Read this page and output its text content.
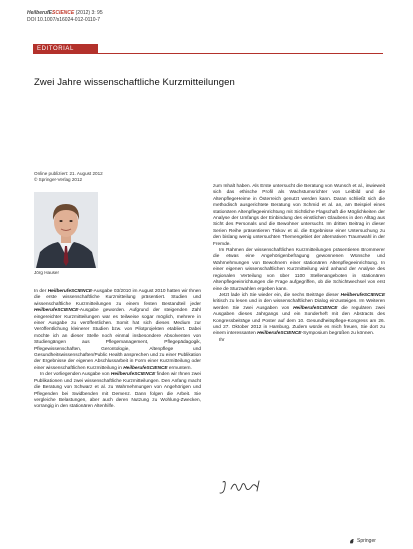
HeilberufESCIENCE (2012) 3: 95
DOI 10.1007/s16024-012-0110-7
EDITORIAL
Zwei Jahre wissenschaftliche Kurzmitteilungen
Online publiziert: 21. August 2012
© Springer-Verlag 2012
Jörg Hauser

In der HeilberufeSCIENCE-Ausgabe 03/2010 im August 2010 hatten wir Ihnen die erste wissenschaftliche Kurzmitteilung präsentiert. Studien und wissenschaftliche Kurzmitteilungen zu einem festen Bestandteil jeder HeilberufeSCIENCE-Ausgabe geworden. Aufgrund der steigenden Zahl eingereichter Kurzmitteilungen war es teilweise sogar möglich, mehrere in einer Ausgabe zu veröffentlichen. Somit hat sich dieses Medium zur Veröffentlichung kleinerer Studien bzw. von Pilotprojekten etabliert. Dabei möchte ich an dieser Stelle noch einmal insbesondere Absolventen von Studiengängen aus Pflegemanagement, Pflegepädagogik, Pflegewissenschaften, Gerontologie, Altenpflege und Gesundheitswissenschaften/Public Health ansprechen und zu einer Publikation der Ergebnisse der eigenen Abschlussarbeit in Form einer Kurzmitteilung oder einer wissenschaftlichen Kurzmitteilung in HeilberufeSCIENCE ermuntern.

In der vorliegenden Ausgabe von HeilberufeSCIENCE finden wir Ihnen zwei Publikationen und zwei wissenschaftliche Kurzmitteilungen. Den Anfang macht die Beratung von Schwarz et al. zu Wahrnehmungen von Angehörigen und Pflegenden bei Swidbenden mit Demenz. Dann folgen die Arbeit. Sie vergleiche Belastungen, aber auch deren Nutzung zu Wohlung-Zwecken, vorrangig in den stationären Altenhilfe.

zum Inhalt haben. Als Erste untersucht die Beratung von Wunsch et al., inwieweit sich das ethische Profil als Wachstumsrichter von Leitbild und die AltenpflegeHeime in Österreich genutzt werden kann. Daran schließt sich die methodisch ausgerichtete Beratung von Schmid et al. an, am Beispiel eines stationären Altenpflegeeinrichtung mit Sichtliche Flagschaft die Möglichkeiten der Analyse der Umfangs der Einbindung des einstlichen Glaubens in den Alltag aus Sicht des Personals und die Bewohner untersucht. Im dritten Beitrag in dieser Serien Reihe präsentieren Tiskov et al. die Ergebnisse einer Untersuchung zu den bislang wenig untersuchten Themengebiet der alternativen Traumwahl in der Fremde.

Im Rahmen der wissenschaftlichen Kurzmitteilungen präsentieren Brommerer die etwas eine Angehörigenbefragung gewonnenen Wünsche und Wahrnehmungen von Bewohnern einer stationären Altenpflegeeinrichtung. In einer eigenen wissenschaftlichen Kurzmitteilung wird anhand der Analyse des regionalen Verteilung von über 1100 Stellenangeboten in stationären Altenpflegeeinrichtungen die Frage aufgegriffen, ob die Schichtwechsel von erst eine de Sturzwahlen ergeben kann.

Jetzt lade ich Sie wieder ein, die sechs Beiträge dieser HeilberufeSCIENCE kritisch zu lesen und in den wissenschaftlichen Dialog einzusteigen. Im Weiteren werden Sie zwei Ausgaben von HeilberufeSCIENCE die regulären zwei Ausgaben dieses Jahrgangs und ein Sonderheft mit den Abstracts des Kongressbeiträge und Poster auf dem 10. Gesundheitspflege-Kongress am 26. und 27. Oktober 2012 in Hamburg. Zudem würde es mich freuen, Sie dort zu einem interessanten HeilberufeSCIENCE-Symposium begrüßen zu können.

Ihr

Springer
